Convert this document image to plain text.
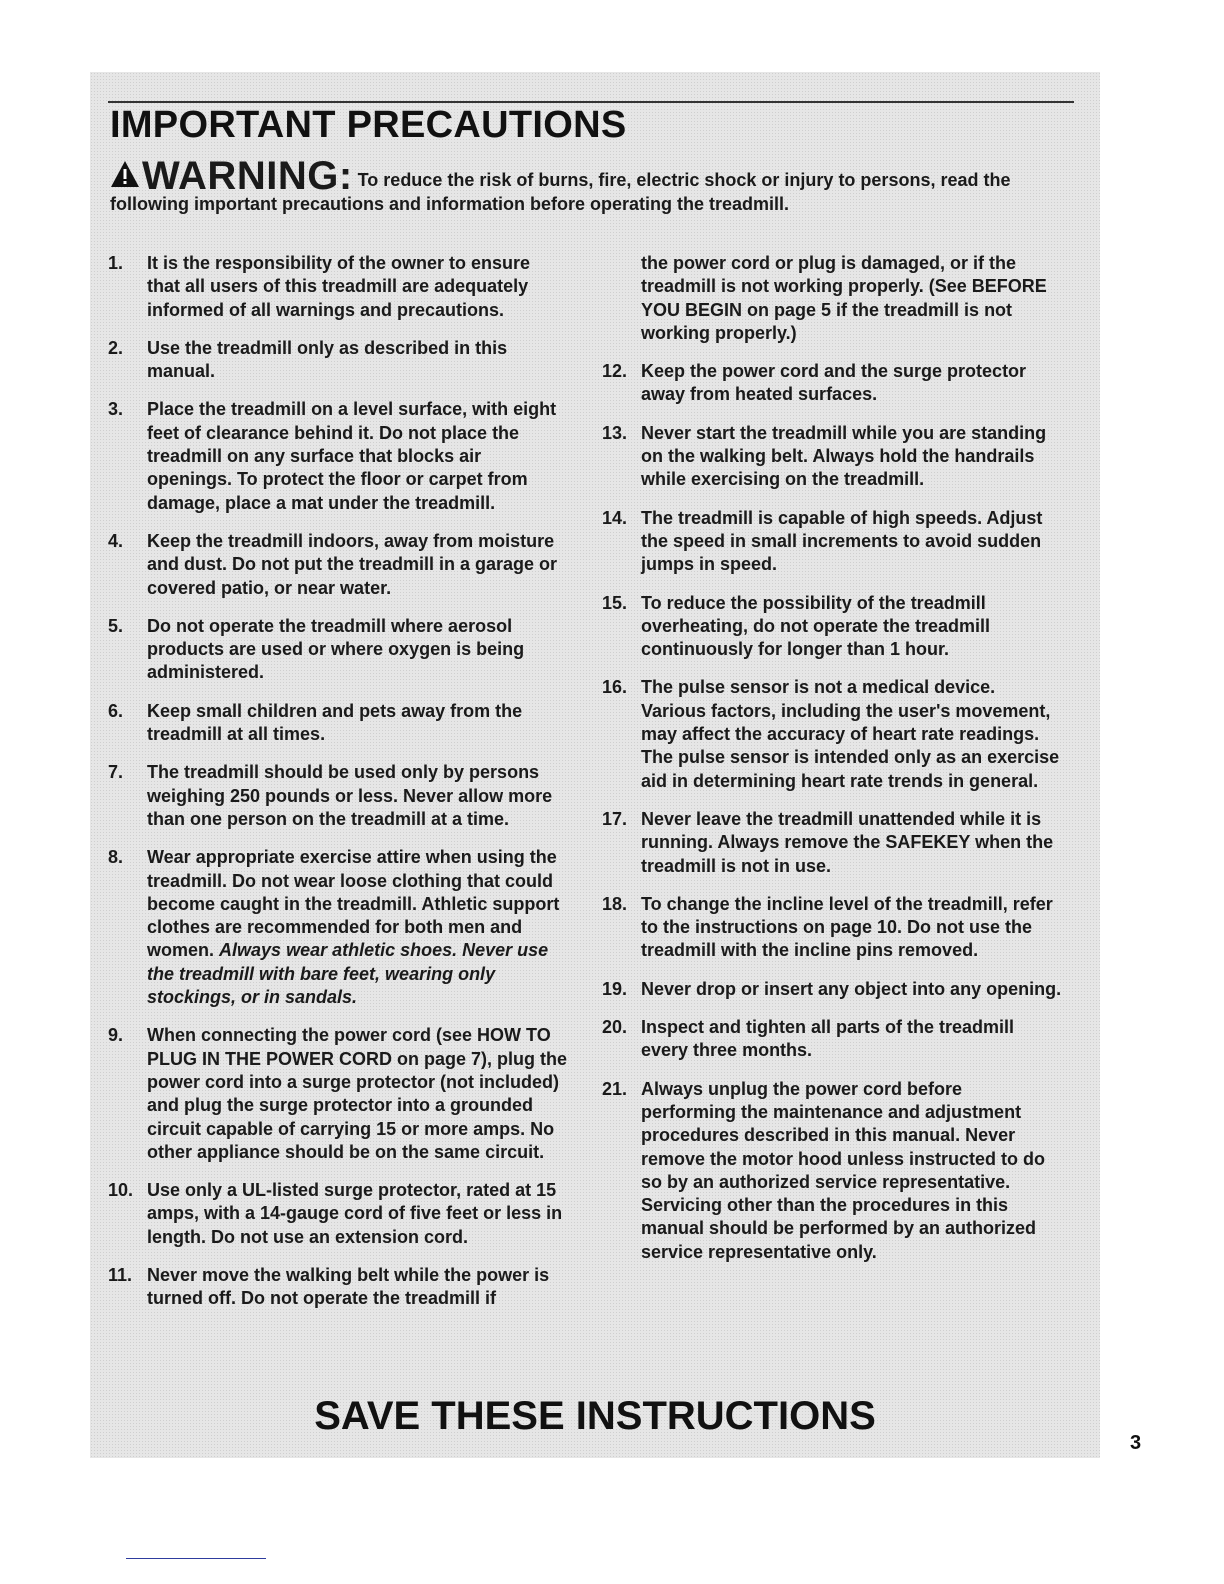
IMPORTANT PRECAUTIONS

WARNING: To reduce the risk of burns, fire, electric shock or injury to persons, read the following important precautions and information before operating the treadmill.

1.	It is the responsibility of the owner to ensure that all users of this treadmill are adequately informed of all warnings and precautions.
2.	Use the treadmill only as described in this manual.
3.	Place the treadmill on a level surface, with eight feet of clearance behind it. Do not place the treadmill on any surface that blocks air openings. To protect the floor or carpet from damage, place a mat under the treadmill.
4.	Keep the treadmill indoors, away from moisture and dust. Do not put the treadmill in a garage or covered patio, or near water.
5.	Do not operate the treadmill where aerosol products are used or where oxygen is being administered.
6.	Keep small children and pets away from the treadmill at all times.
7.	The treadmill should be used only by persons weighing 250 pounds or less. Never allow more than one person on the treadmill at a time.
8.	Wear appropriate exercise attire when using the treadmill. Do not wear loose clothing that could become caught in the treadmill. Athletic support clothes are recommended for both men and women. Always wear athletic shoes. Never use the treadmill with bare feet, wearing only stockings, or in sandals.
9.	When connecting the power cord (see HOW TO PLUG IN THE POWER CORD on page 7), plug the power cord into a surge protector (not included) and plug the surge protector into a grounded circuit capable of carrying 15 or more amps. No other appliance should be on the same circuit.
10. Use only a UL-listed surge protector, rated at 15 amps, with a 14-gauge cord of five feet or less in length. Do not use an extension cord.
11. Never move the walking belt while the power is turned off. Do not operate the treadmill if
the power cord or plug is damaged, or if the treadmill is not working properly. (See BEFORE YOU BEGIN on page 5 if the treadmill is not working properly.)
12. Keep the power cord and the surge protector away from heated surfaces.
13. Never start the treadmill while you are standing on the walking belt. Always hold the handrails while exercising on the treadmill.
14. The treadmill is capable of high speeds. Adjust the speed in small increments to avoid sudden jumps in speed.
15. To reduce the possibility of the treadmill overheating, do not operate the treadmill continuously for longer than 1 hour.
16. The pulse sensor is not a medical device. Various factors, including the user's movement, may affect the accuracy of heart rate readings. The pulse sensor is intended only as an exercise aid in determining heart rate trends in general.
17. Never leave the treadmill unattended while it is running. Always remove the SAFEKEY when the treadmill is not in use.
18. To change the incline level of the treadmill, refer to the instructions on page 10. Do not use the treadmill with the incline pins removed.
19. Never drop or insert any object into any opening.
20. Inspect and tighten all parts of the treadmill every three months.
21. Always unplug the power cord before performing the maintenance and adjustment procedures described in this manual. Never remove the motor hood unless instructed to do so by an authorized service representative. Servicing other than the procedures in this manual should be performed by an authorized service representative only.
SAVE THESE INSTRUCTIONS
3
